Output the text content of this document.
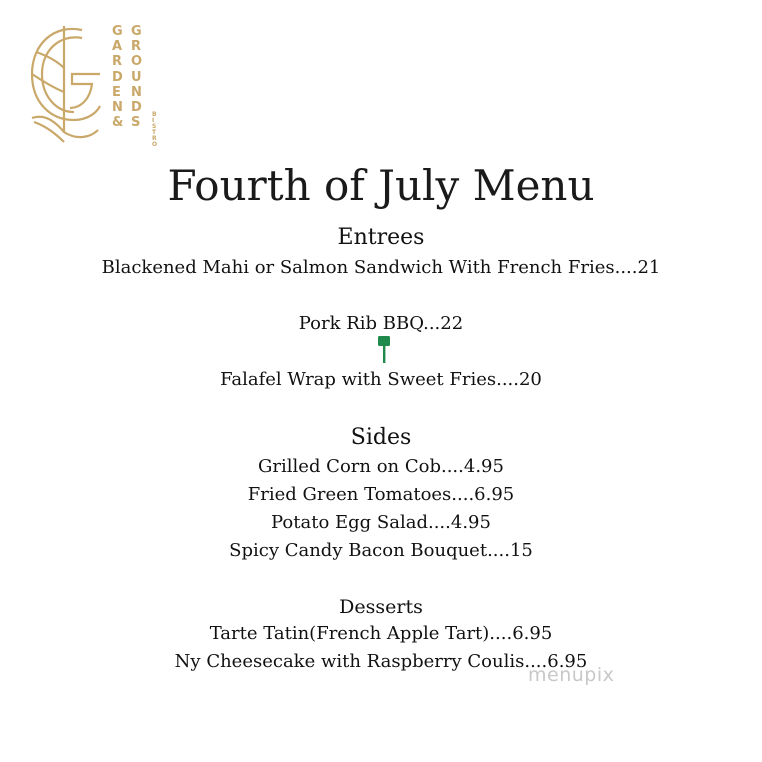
G
A
R
D
E
N
&
G
R
O
U
N
D
S
B
I
S
T
R
O
Fourth of July Menu
Entrees
Blackened Mahi or Salmon Sandwich With French Fries....21
Pork Rib BBQ...22
Falafel Wrap with Sweet Fries....20
Sides
Grilled Corn on Cob....4.95
Fried Green Tomatoes....6.95
Potato Egg Salad....4.95
Spicy Candy Bacon Bouquet....15
Desserts
Tarte Tatin(French Apple Tart)....6.95
Ny Cheesecake with Raspberry Coulis....6.95
menupix
